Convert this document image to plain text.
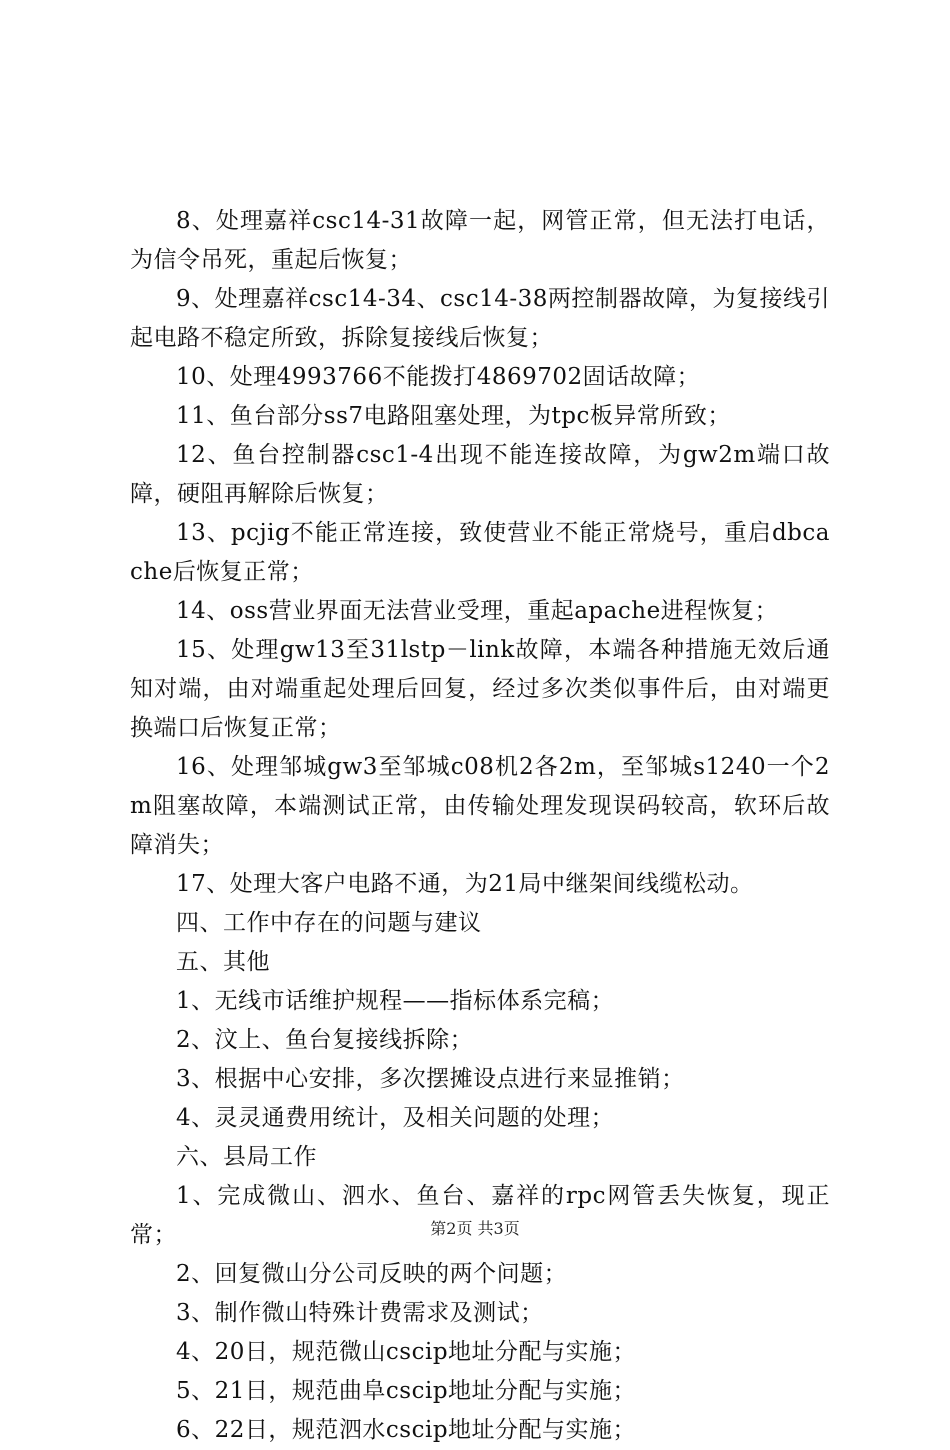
8、处理嘉祥csc14-31故障一起，网管正常，但无法打电话，为信令吊死，重起后恢复；

9、处理嘉祥csc14-34、csc14-38两控制器故障，为复接线引起电路不稳定所致，拆除复接线后恢复；

10、处理4993766不能拨打4869702固话故障；

11、鱼台部分ss7电路阻塞处理，为tpc板异常所致；

12、鱼台控制器csc1-4出现不能连接故障，为gw2m端口故障，硬阻再解除后恢复；

13、pcjig不能正常连接，致使营业不能正常烧号，重启dbcache后恢复正常；

14、oss营业界面无法营业受理，重起apache进程恢复；

15、处理gw13至31lstp－link故障，本端各种措施无效后通知对端，由对端重起处理后回复，经过多次类似事件后，由对端更换端口后恢复正常；

16、处理邹城gw3至邹城c08机2各2m，至邹城s1240一个2m阻塞故障，本端测试正常，由传输处理发现误码较高，软环后故障消失；

17、处理大客户电路不通，为21局中继架间线缆松动。

四、工作中存在的问题与建议

五、其他

1、无线市话维护规程——指标体系完稿；

2、汶上、鱼台复接线拆除；

3、根据中心安排，多次摆摊设点进行来显推销；

4、灵灵通费用统计，及相关问题的处理；

六、县局工作

1、完成微山、泗水、鱼台、嘉祥的rpc网管丢失恢复，现正常；

2、回复微山分公司反映的两个问题；

3、制作微山特殊计费需求及测试；

4、20日，规范微山cscip地址分配与实施；

5、21日，规范曲阜cscip地址分配与实施；

6、22日，规范泗水cscip地址分配与实施；

第2页 共3页
